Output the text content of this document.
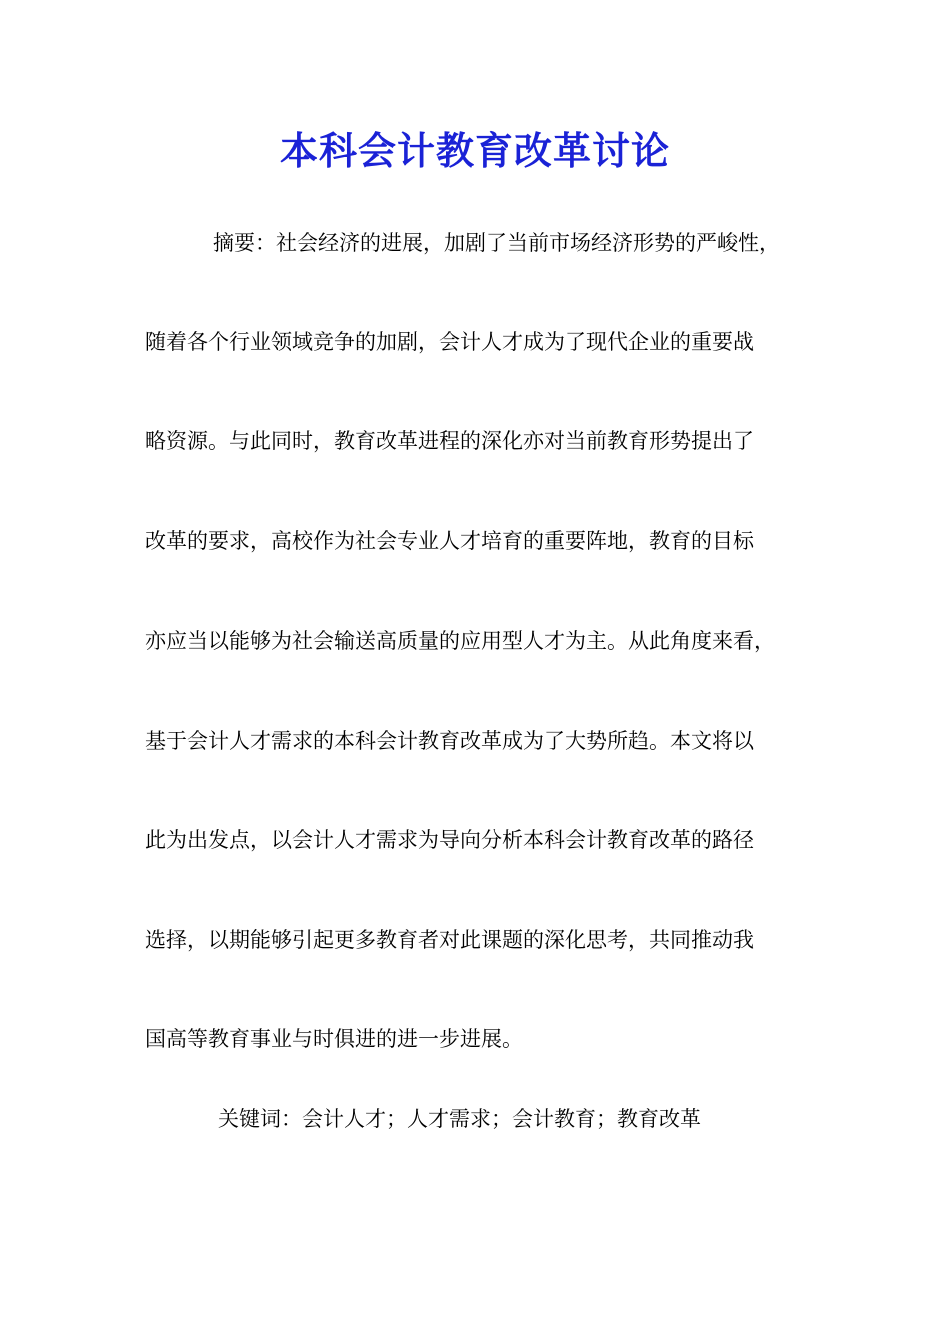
本科会计教育改革讨论

摘要：社会经济的进展，加剧了当前市场经济形势的严峻性，

随着各个行业领域竞争的加剧，会计人才成为了现代企业的重要战

略资源。与此同时，教育改革进程的深化亦对当前教育形势提出了

改革的要求，高校作为社会专业人才培育的重要阵地，教育的目标

亦应当以能够为社会输送高质量的应用型人才为主。从此角度来看，

基于会计人才需求的本科会计教育改革成为了大势所趋。本文将以

此为出发点，以会计人才需求为导向分析本科会计教育改革的路径

选择，以期能够引起更多教育者对此课题的深化思考，共同推动我

国高等教育事业与时俱进的进一步进展。

关键词：会计人才；人才需求；会计教育；教育改革
